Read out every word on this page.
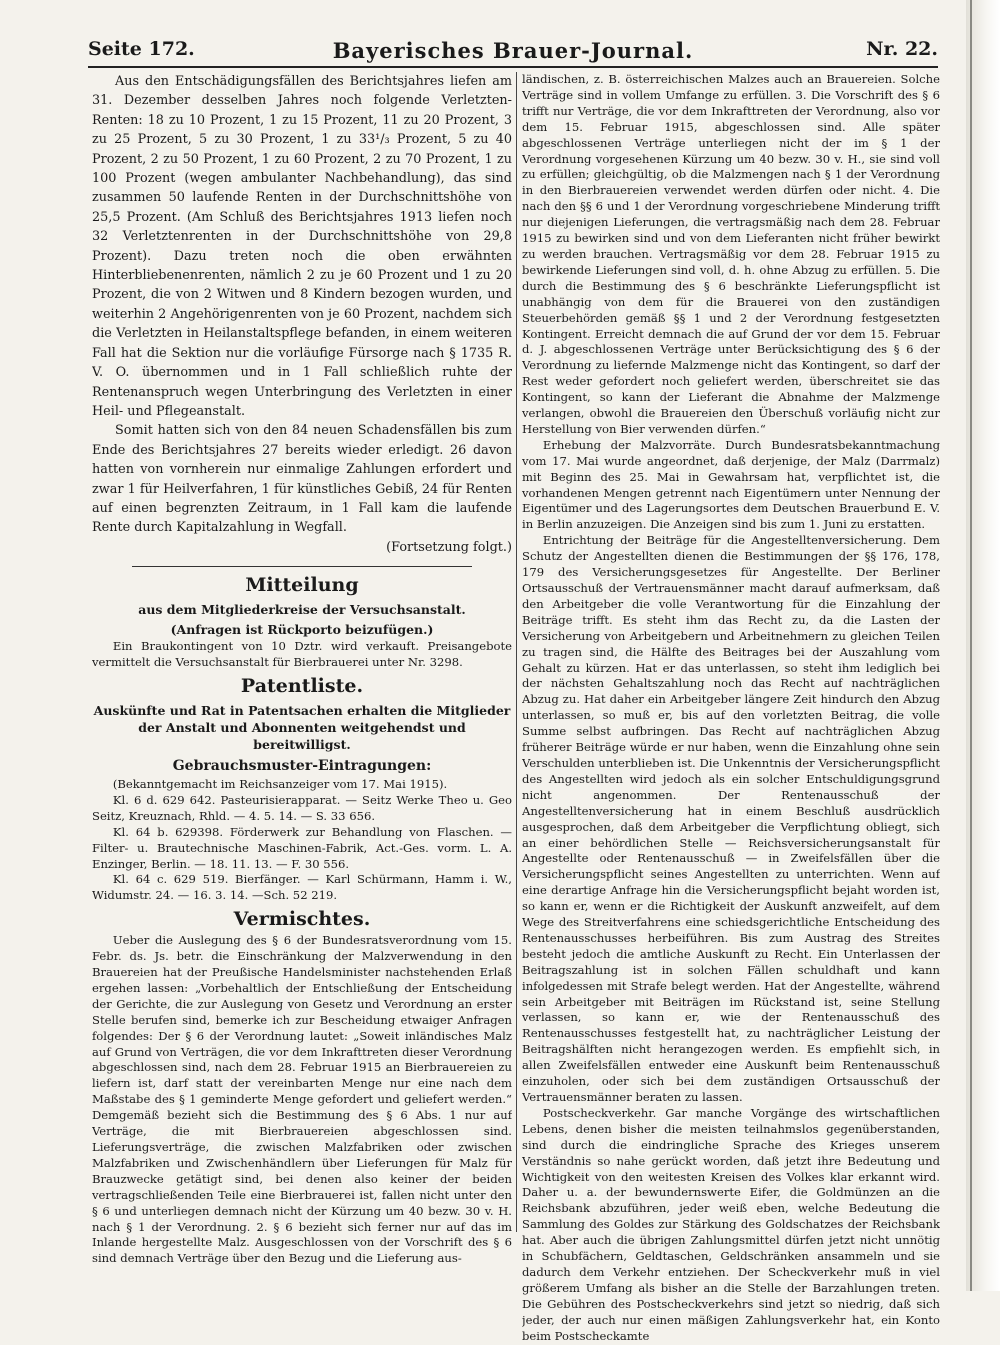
Seite 172.	Bayerisches Brauer-Journal.	Nr. 22.

Aus den Entschädigungsfällen des Berichtsjahres liefen am 31. Dezember desselben Jahres noch folgende Verletzten-Renten: 18 zu 10 Prozent, 1 zu 15 Prozent, 11 zu 20 Prozent, 3 zu 25 Prozent, 5 zu 30 Prozent, 1 zu 33¹/₃ Prozent, 5 zu 40 Prozent, 2 zu 50 Prozent, 1 zu 60 Prozent, 2 zu 70 Prozent, 1 zu 100 Prozent (wegen ambulanter Nachbehandlung), das sind zusammen 50 laufende Renten in der Durchschnittshöhe von 25,5 Prozent. (Am Schluß des Berichtsjahres 1913 liefen noch 32 Verletztenrenten in der Durchschnittshöhe von 29,8 Prozent). Dazu treten noch die oben erwähnten Hinterbliebenenrenten, nämlich 2 zu je 60 Prozent und 1 zu 20 Prozent, die von 2 Witwen und 8 Kindern bezogen wurden, und weiterhin 2 Angehörigenrenten von je 60 Prozent, nachdem sich die Verletzten in Heilanstaltspflege befanden, in einem weiteren Fall hat die Sektion nur die vorläufige Fürsorge nach § 1735 R. V. O. übernommen und in 1 Fall schließlich ruhte der Rentenanspruch wegen Unterbringung des Verletzten in einer Heil- und Pflegeanstalt.

Somit hatten sich von den 84 neuen Schadensfällen bis zum Ende des Berichtsjahres 27 bereits wieder erledigt. 26 davon hatten von vornherein nur einmalige Zahlungen erfordert und zwar 1 für Heilverfahren, 1 für künstliches Gebiß, 24 für Renten auf einen begrenzten Zeitraum, in 1 Fall kam die laufende Rente durch Kapitalzahlung in Wegfall.

(Fortsetzung folgt.)

Mitteilung
aus dem Mitgliederkreise der Versuchsanstalt.
(Anfragen ist Rückporto beizufügen.)

Ein Braukontingent von 10 Dztr. wird verkauft. Preisangebote vermittelt die Versuchsanstalt für Bierbrauerei unter Nr. 3298.

Patentliste.
Auskünfte und Rat in Patentsachen erhalten die Mitglieder der Anstalt und Abonnenten weitgehendst und bereitwilligst.
Gebrauchsmuster-Eintragungen:

(Bekanntgemacht im Reichsanzeiger vom 17. Mai 1915).

Kl. 6 d. 629 642. Pasteurisierapparat. — Seitz Werke Theo u. Geo Seitz, Kreuznach, Rhld. — 4. 5. 14. — S. 33 656.

Kl. 64 b. 629398. Förderwerk zur Behandlung von Flaschen. — Filter- u. Brautechnische Maschinen-Fabrik, Act.-Ges. vorm. L. A. Enzinger, Berlin. — 18. 11. 13. — F. 30 556.

Kl. 64 c. 629 519. Bierfänger. — Karl Schürmann, Hamm i. W., Widumstr. 24. — 16. 3. 14. —Sch. 52 219.

Vermischtes.

Ueber die Auslegung des § 6 der Bundesratsverordnung vom 15. Febr. ds. Js. betr. die Einschränkung der Malzverwendung in den Brauereien hat der Preußische Handelsminister nachstehenden Erlaß ergehen lassen: „Vorbehaltlich der Entschließung der Entscheidung der Gerichte, die zur Auslegung von Gesetz und Verordnung an erster Stelle berufen sind, bemerke ich zur Bescheidung etwaiger Anfragen folgendes: Der § 6 der Verordnung lautet: „Soweit inländisches Malz auf Grund von Verträgen, die vor dem Inkrafttreten dieser Verordnung abgeschlossen sind, nach dem 28. Februar 1915 an Bierbrauereien zu liefern ist, darf statt der vereinbarten Menge nur eine nach dem Maßstabe des § 1 geminderte Menge gefordert und geliefert werden.“ Demgemäß bezieht sich die Bestimmung des § 6 Abs. 1 nur auf Verträge, die mit Bierbrauereien abgeschlossen sind. Lieferungsverträge, die zwischen Malzfabriken oder zwischen Malzfabriken und Zwischenhändlern über Lieferungen für Malz für Brauzwecke getätigt sind, bei denen also keiner der beiden vertragschließenden Teile eine Bierbrauerei ist, fallen nicht unter den § 6 und unterliegen demnach nicht der Kürzung um 40 bezw. 30 v. H. nach § 1 der Verordnung. 2. § 6 bezieht sich ferner nur auf das im Inlande hergestellte Malz. Ausgeschlossen von der Vorschrift des § 6 sind demnach Verträge über den Bezug und die Lieferung aus-

ländischen, z. B. österreichischen Malzes auch an Brauereien. Solche Verträge sind in vollem Umfange zu erfüllen. 3. Die Vorschrift des § 6 trifft nur Verträge, die vor dem Inkrafttreten der Verordnung, also vor dem 15. Februar 1915, abgeschlossen sind. Alle später abgeschlossenen Verträge unterliegen nicht der im § 1 der Verordnung vorgesehenen Kürzung um 40 bezw. 30 v. H., sie sind voll zu erfüllen; gleichgültig, ob die Malzmengen nach § 1 der Verordnung in den Bierbrauereien verwendet werden dürfen oder nicht. 4. Die nach den §§ 6 und 1 der Verordnung vorgeschriebene Minderung trifft nur diejenigen Lieferungen, die vertragsmäßig nach dem 28. Februar 1915 zu bewirken sind und von dem Lieferanten nicht früher bewirkt zu werden brauchen. Vertragsmäßig vor dem 28. Februar 1915 zu bewirkende Lieferungen sind voll, d. h. ohne Abzug zu erfüllen. 5. Die durch die Bestimmung des § 6 beschränkte Lieferungspflicht ist unabhängig von dem für die Brauerei von den zuständigen Steuerbehörden gemäß §§ 1 und 2 der Verordnung festgesetzten Kontingent. Erreicht demnach die auf Grund der vor dem 15. Februar d. J. abgeschlossenen Verträge unter Berücksichtigung des § 6 der Verordnung zu liefernde Malzmenge nicht das Kontingent, so darf der Rest weder gefordert noch geliefert werden, überschreitet sie das Kontingent, so kann der Lieferant die Abnahme der Malzmenge verlangen, obwohl die Brauereien den Überschuß vorläufig nicht zur Herstellung von Bier verwenden dürfen.“

Erhebung der Malzvorräte. Durch Bundesratsbekanntmachung vom 17. Mai wurde angeordnet, daß derjenige, der Malz (Darrmalz) mit Beginn des 25. Mai in Gewahrsam hat, verpflichtet ist, die vorhandenen Mengen getrennt nach Eigentümern unter Nennung der Eigentümer und des Lagerungsortes dem Deutschen Brauerbund E. V. in Berlin anzuzeigen. Die Anzeigen sind bis zum 1. Juni zu erstatten.

Entrichtung der Beiträge für die Angestelltenversicherung. Dem Schutz der Angestellten dienen die Bestimmungen der §§ 176, 178, 179 des Versicherungsgesetzes für Angestellte. Der Berliner Ortsausschuß der Vertrauensmänner macht darauf aufmerksam, daß den Arbeitgeber die volle Verantwortung für die Einzahlung der Beiträge trifft. Es steht ihm das Recht zu, da die Lasten der Versicherung von Arbeitgebern und Arbeitnehmern zu gleichen Teilen zu tragen sind, die Hälfte des Beitrages bei der Auszahlung vom Gehalt zu kürzen. Hat er das unterlassen, so steht ihm lediglich bei der nächsten Gehaltszahlung noch das Recht auf nachträglichen Abzug zu. Hat daher ein Arbeitgeber längere Zeit hindurch den Abzug unterlassen, so muß er, bis auf den vorletzten Beitrag, die volle Summe selbst aufbringen. Das Recht auf nachträglichen Abzug früherer Beiträge würde er nur haben, wenn die Einzahlung ohne sein Verschulden unterblieben ist. Die Unkenntnis der Versicherungspflicht des Angestellten wird jedoch als ein solcher Entschuldigungsgrund nicht angenommen. Der Rentenausschuß der Angestelltenversicherung hat in einem Beschluß ausdrücklich ausgesprochen, daß dem Arbeitgeber die Verpflichtung obliegt, sich an einer behördlichen Stelle — Reichsversicherungsanstalt für Angestellte oder Rentenausschuß — in Zweifelsfällen über die Versicherungspflicht seines Angestellten zu unterrichten. Wenn auf eine derartige Anfrage hin die Versicherungspflicht bejaht worden ist, so kann er, wenn er die Richtigkeit der Auskunft anzweifelt, auf dem Wege des Streitverfahrens eine schiedsgerichtliche Entscheidung des Rentenausschusses herbeiführen. Bis zum Austrag des Streites besteht jedoch die amtliche Auskunft zu Recht. Ein Unterlassen der Beitragszahlung ist in solchen Fällen schuldhaft und kann infolgedessen mit Strafe belegt werden. Hat der Angestellte, während sein Arbeitgeber mit Beiträgen im Rückstand ist, seine Stellung verlassen, so kann er, wie der Rentenausschuß des Rentenausschusses festgestellt hat, zu nachträglicher Leistung der Beitragshälften nicht herangezogen werden. Es empfiehlt sich, in allen Zweifelsfällen entweder eine Auskunft beim Rentenausschuß einzuholen, oder sich bei dem zuständigen Ortsausschuß der Vertrauensmänner beraten zu lassen.

Postscheckverkehr. Gar manche Vorgänge des wirtschaftlichen Lebens, denen bisher die meisten teilnahmslos gegenüberstanden, sind durch die eindringliche Sprache des Krieges unserem Verständnis so nahe gerückt worden, daß jetzt ihre Bedeutung und Wichtigkeit von den weitesten Kreisen des Volkes klar erkannt wird. Daher u. a. der bewundernswerte Eifer, die Goldmünzen an die Reichsbank abzuführen, jeder weiß eben, welche Bedeutung die Sammlung des Goldes zur Stärkung des Goldschatzes der Reichsbank hat. Aber auch die übrigen Zahlungsmittel dürfen jetzt nicht unnötig in Schubfächern, Geldtaschen, Geldschränken ansammeln und sie dadurch dem Verkehr entziehen. Der Scheckverkehr muß in viel größerem Umfang als bisher an die Stelle der Barzahlungen treten. Die Gebühren des Postscheckverkehrs sind jetzt so niedrig, daß sich jeder, der auch nur einen mäßigen Zahlungsverkehr hat, ein Konto beim Postscheckamte
